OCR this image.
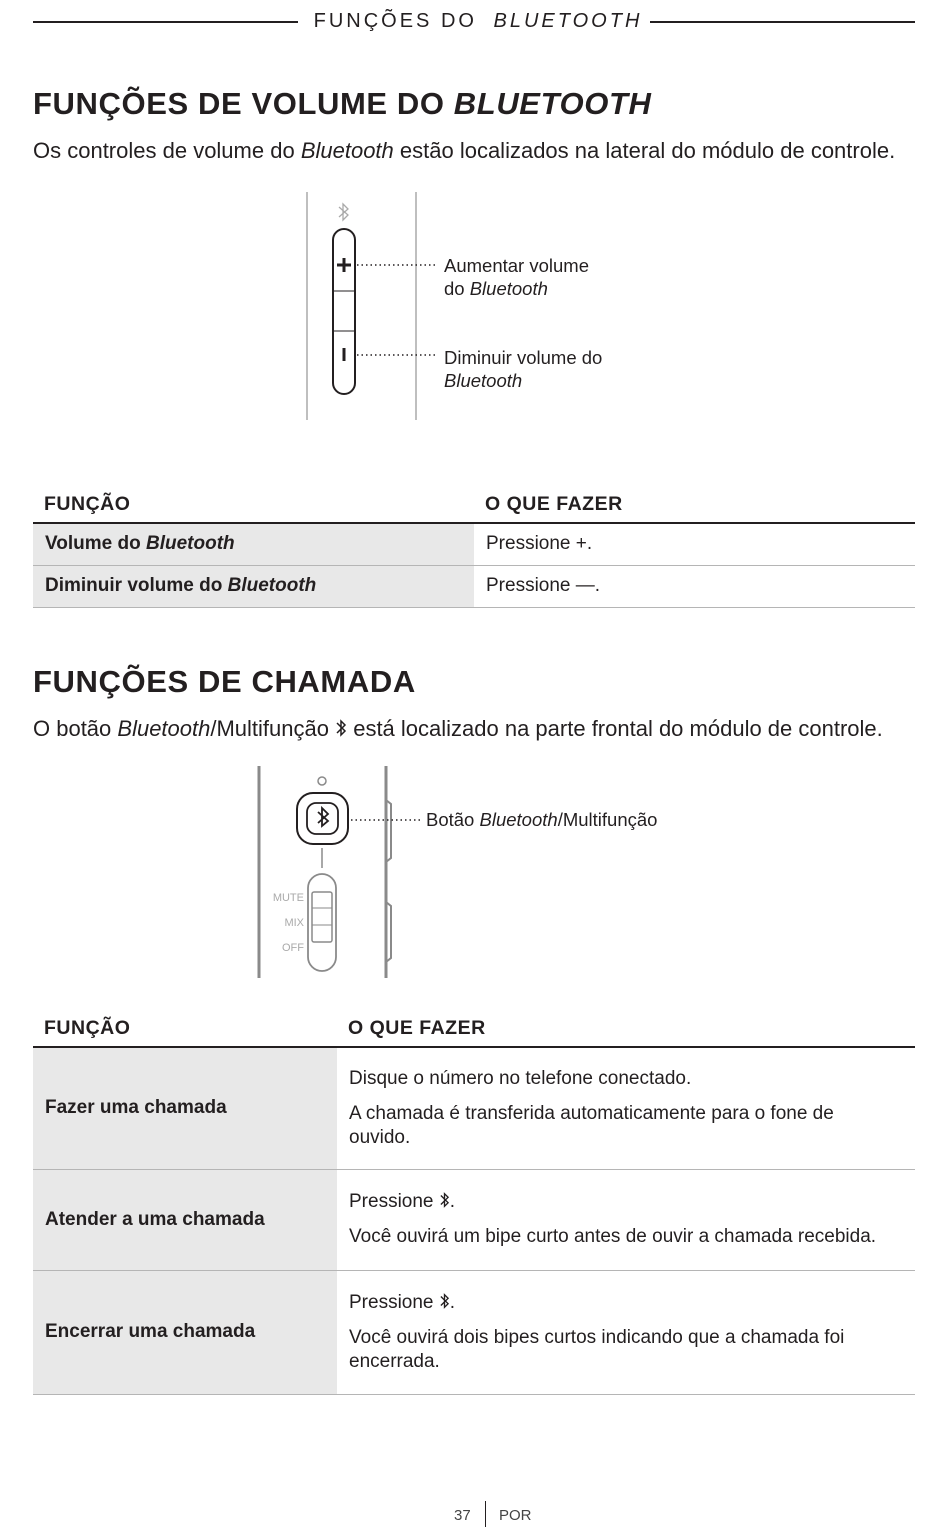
FUNÇÕES DO BLUETOOTH
FUNÇÕES DE VOLUME DO BLUETOOTH

Os controles de volume do Bluetooth estão localizados na lateral do módulo de controle.

Aumentar volume
do Bluetooth
Diminuir volume do
Bluetooth
FUNÇÃO	O QUE FAZER
Volume do Bluetooth	Pressione +.
Diminuir volume do Bluetooth	Pressione —.
FUNÇÕES DE CHAMADA

O botão Bluetooth/Multifunção  está localizado na parte frontal do módulo de controle.

MUTE
MIX
OFF
Botão Bluetooth/Multifunção
FUNÇÃO	O QUE FAZER
Fazer uma chamada	Disque o número no telefone conectado.

A chamada é transferida automaticamente para o fone de ouvido.

Atender a uma chamada	Pressione .

Você ouvirá um bipe curto antes de ouvir a chamada recebida.

Encerrar uma chamada	Pressione .

Você ouvirá dois bipes curtos indicando que a chamada foi encerrada.

37 POR
